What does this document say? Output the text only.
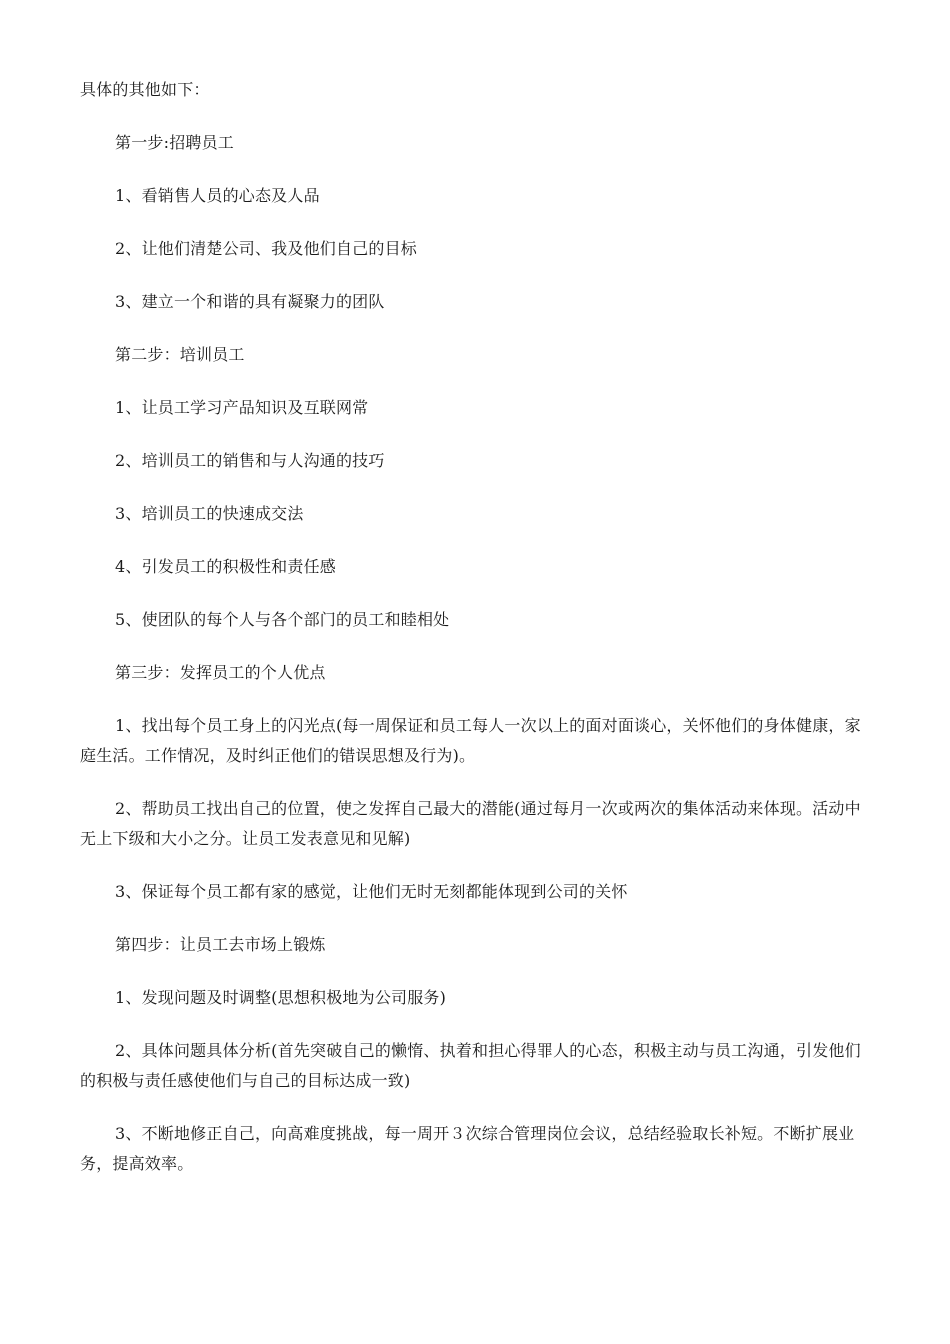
具体的其他如下：

第一步:招聘员工

1、看销售人员的心态及人品

2、让他们清楚公司、我及他们自己的目标

3、建立一个和谐的具有凝聚力的团队

第二步：培训员工

1、让员工学习产品知识及互联网常

2、培训员工的销售和与人沟通的技巧

3、培训员工的快速成交法

4、引发员工的积极性和责任感

5、使团队的每个人与各个部门的员工和睦相处

第三步：发挥员工的个人优点

1、找出每个员工身上的闪光点(每一周保证和员工每人一次以上的面对面谈心，关怀他们的身体健康，家庭生活。工作情况，及时纠正他们的错误思想及行为)。

2、帮助员工找出自己的位置，使之发挥自己最大的潜能(通过每月一次或两次的集体活动来体现。活动中无上下级和大小之分。让员工发表意见和见解)

3、保证每个员工都有家的感觉，让他们无时无刻都能体现到公司的关怀

第四步：让员工去市场上锻炼

1、发现问题及时调整(思想积极地为公司服务)

2、具体问题具体分析(首先突破自己的懒惰、执着和担心得罪人的心态，积极主动与员工沟通，引发他们的积极与责任感使他们与自己的目标达成一致)

3、不断地修正自己，向高难度挑战，每一周开３次综合管理岗位会议，总结经验取长补短。不断扩展业务，提高效率。
